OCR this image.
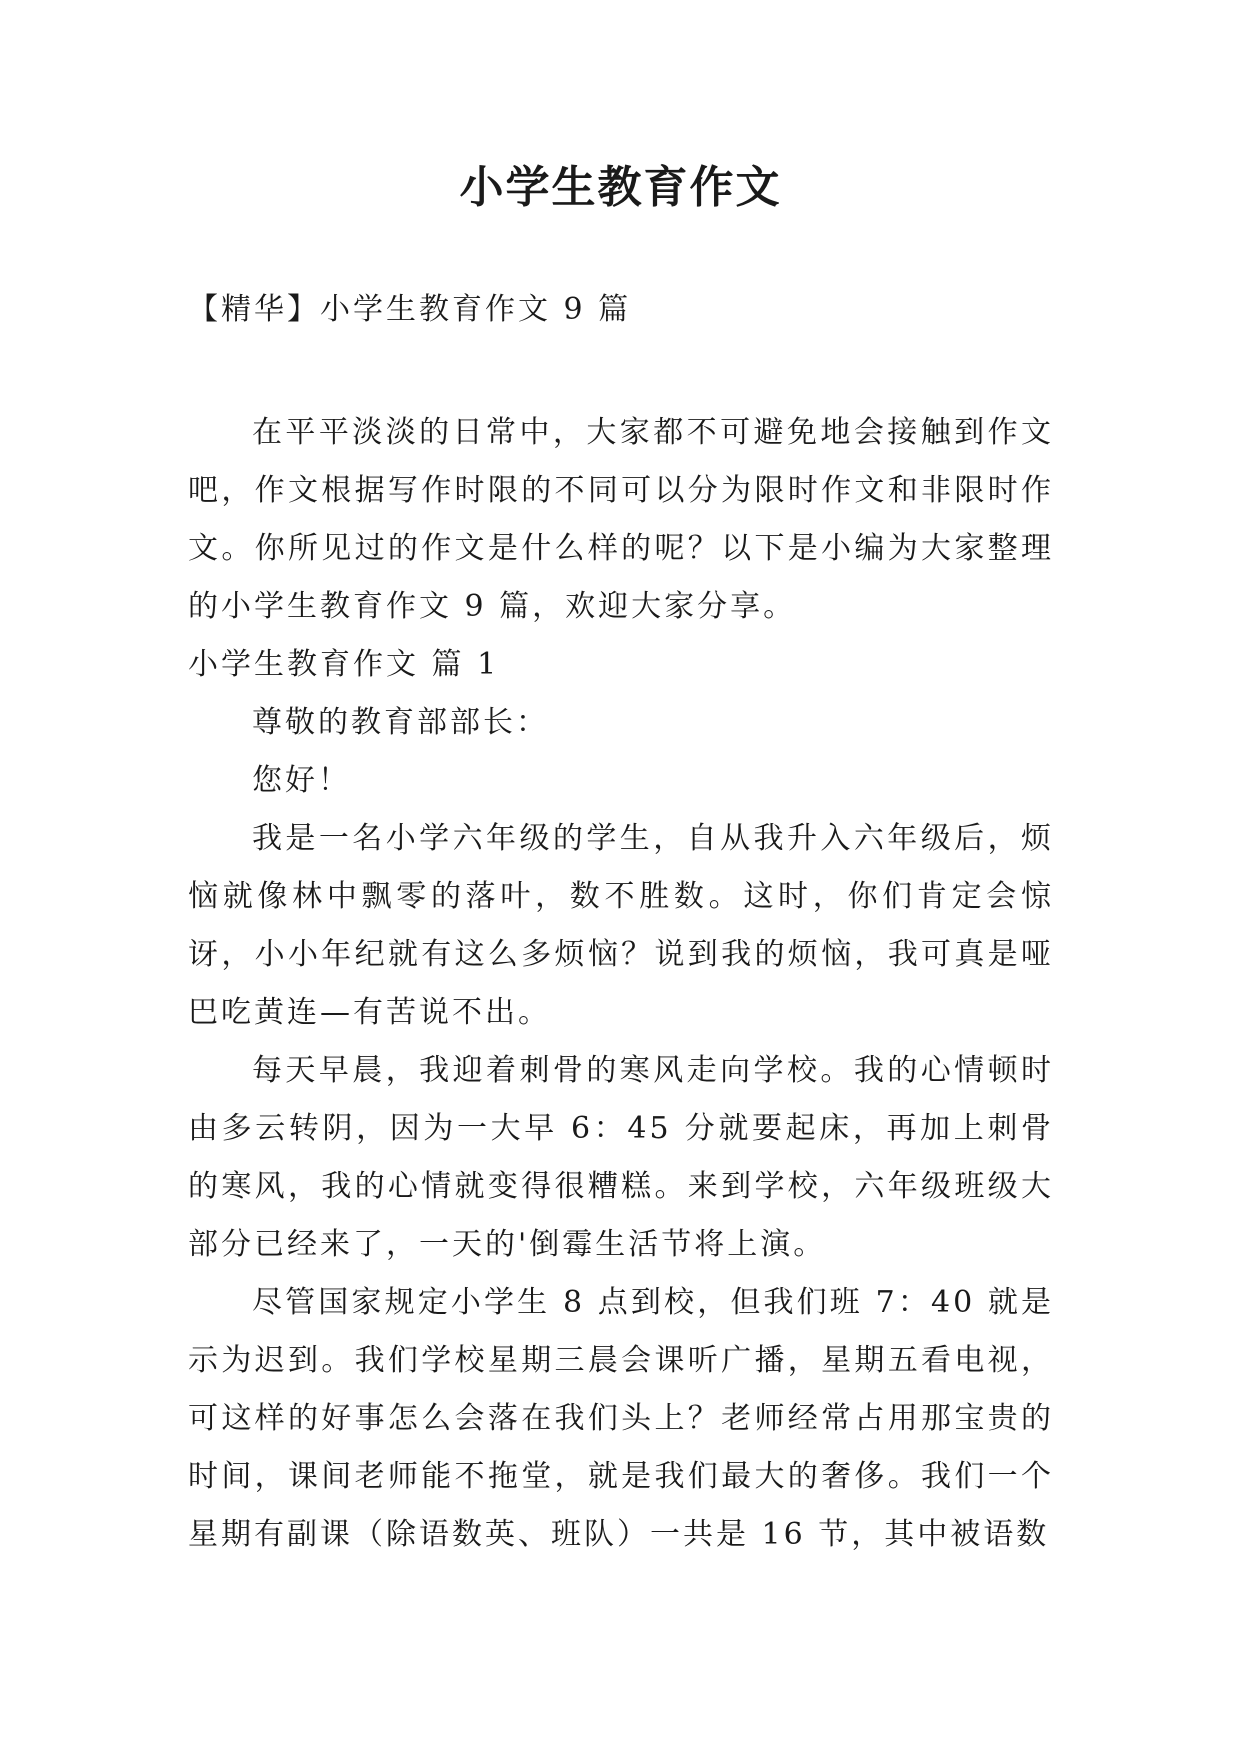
小学生教育作文

【精华】小学生教育作文 9 篇

在平平淡淡的日常中，大家都不可避免地会接触到作文吧，作文根据写作时限的不同可以分为限时作文和非限时作文。你所见过的作文是什么样的呢？以下是小编为大家整理的小学生教育作文 9 篇，欢迎大家分享。

小学生教育作文 篇 1

尊敬的教育部部长：

您好！

我是一名小学六年级的学生，自从我升入六年级后，烦恼就像林中飘零的落叶，数不胜数。这时，你们肯定会惊讶，小小年纪就有这么多烦恼？说到我的烦恼，我可真是哑巴吃黄连—有苦说不出。

每天早晨，我迎着刺骨的寒风走向学校。我的心情顿时由多云转阴，因为一大早 6：45 分就要起床，再加上刺骨的寒风，我的心情就变得很糟糕。来到学校，六年级班级大部分已经来了，一天的'倒霉生活节将上演。

尽管国家规定小学生 8 点到校，但我们班 7：40 就是示为迟到。我们学校星期三晨会课听广播，星期五看电视，可这样的好事怎么会落在我们头上？老师经常占用那宝贵的时间，课间老师能不拖堂，就是我们最大的奢侈。我们一个星期有副课（除语数英、班队）一共是 16 节，其中被语数
